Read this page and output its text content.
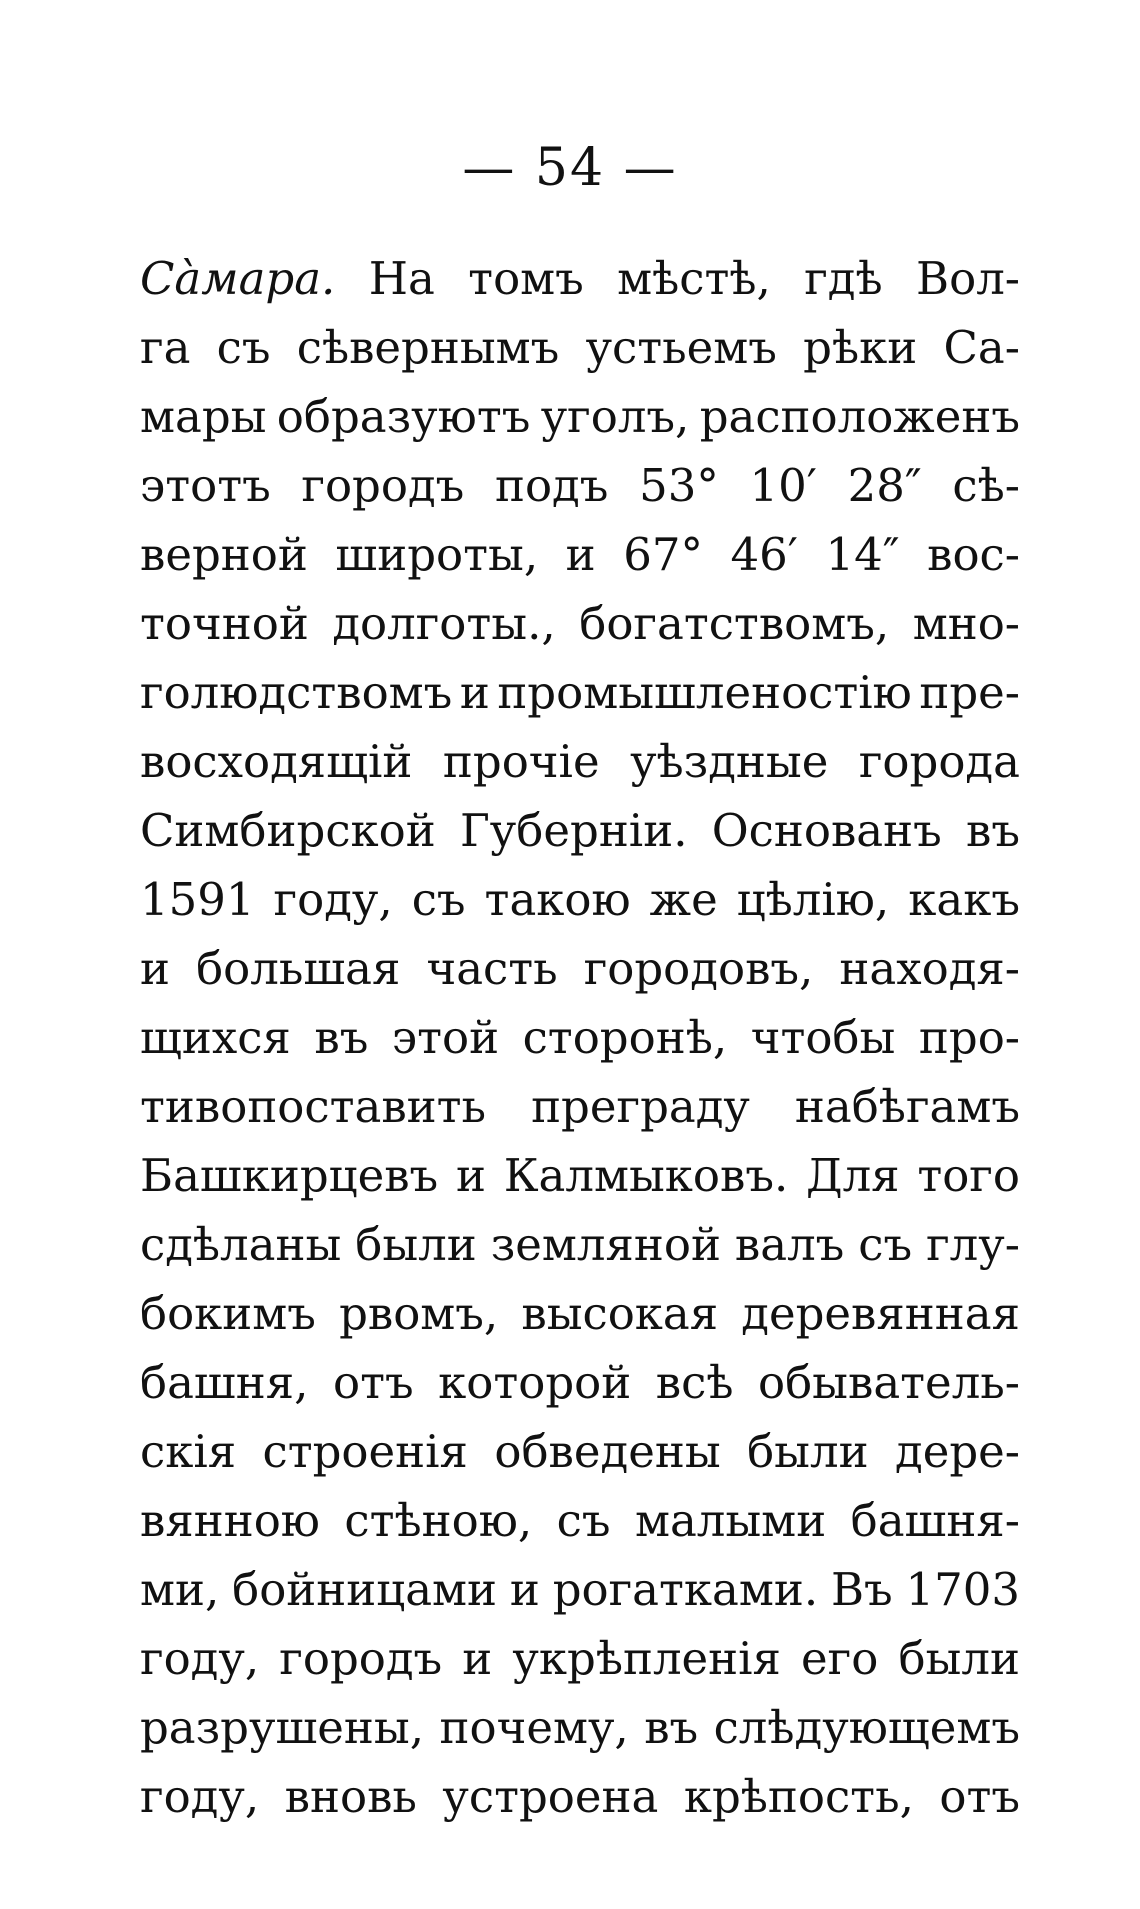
— 54 —
Сàмара. На томъ мѣстѣ, гдѣ Вол-
га съ сѣвернымъ устьемъ рѣки Са-
мары образуютъ уголъ, расположенъ
этотъ городъ подъ 53° 10′ 28″ сѣ-
верной широты, и 67° 46′ 14″ вос-
точной долготы., богатствомъ, мно-
голюдствомъ и промышленостію пре-
восходящій прочіе уѣздные города
Симбирской Губерніи. Основанъ въ
1591 году, съ такою же цѣлію, какъ
и большая часть городовъ, находя-
щихся въ этой сторонѣ, чтобы про-
тивопоставить преграду набѣгамъ
Башкирцевъ и Калмыковъ. Для того
сдѣланы были земляной валъ съ глу-
бокимъ рвомъ, высокая деревянная
башня, отъ которой всѣ обыватель-
скія строенія обведены были дере-
вянною стѣною, съ малыми башня-
ми, бойницами и рогатками. Въ 1703
году, городъ и укрѣпленія его были
разрушены, почему, въ слѣдующемъ
году, вновь устроена крѣпость, отъ
